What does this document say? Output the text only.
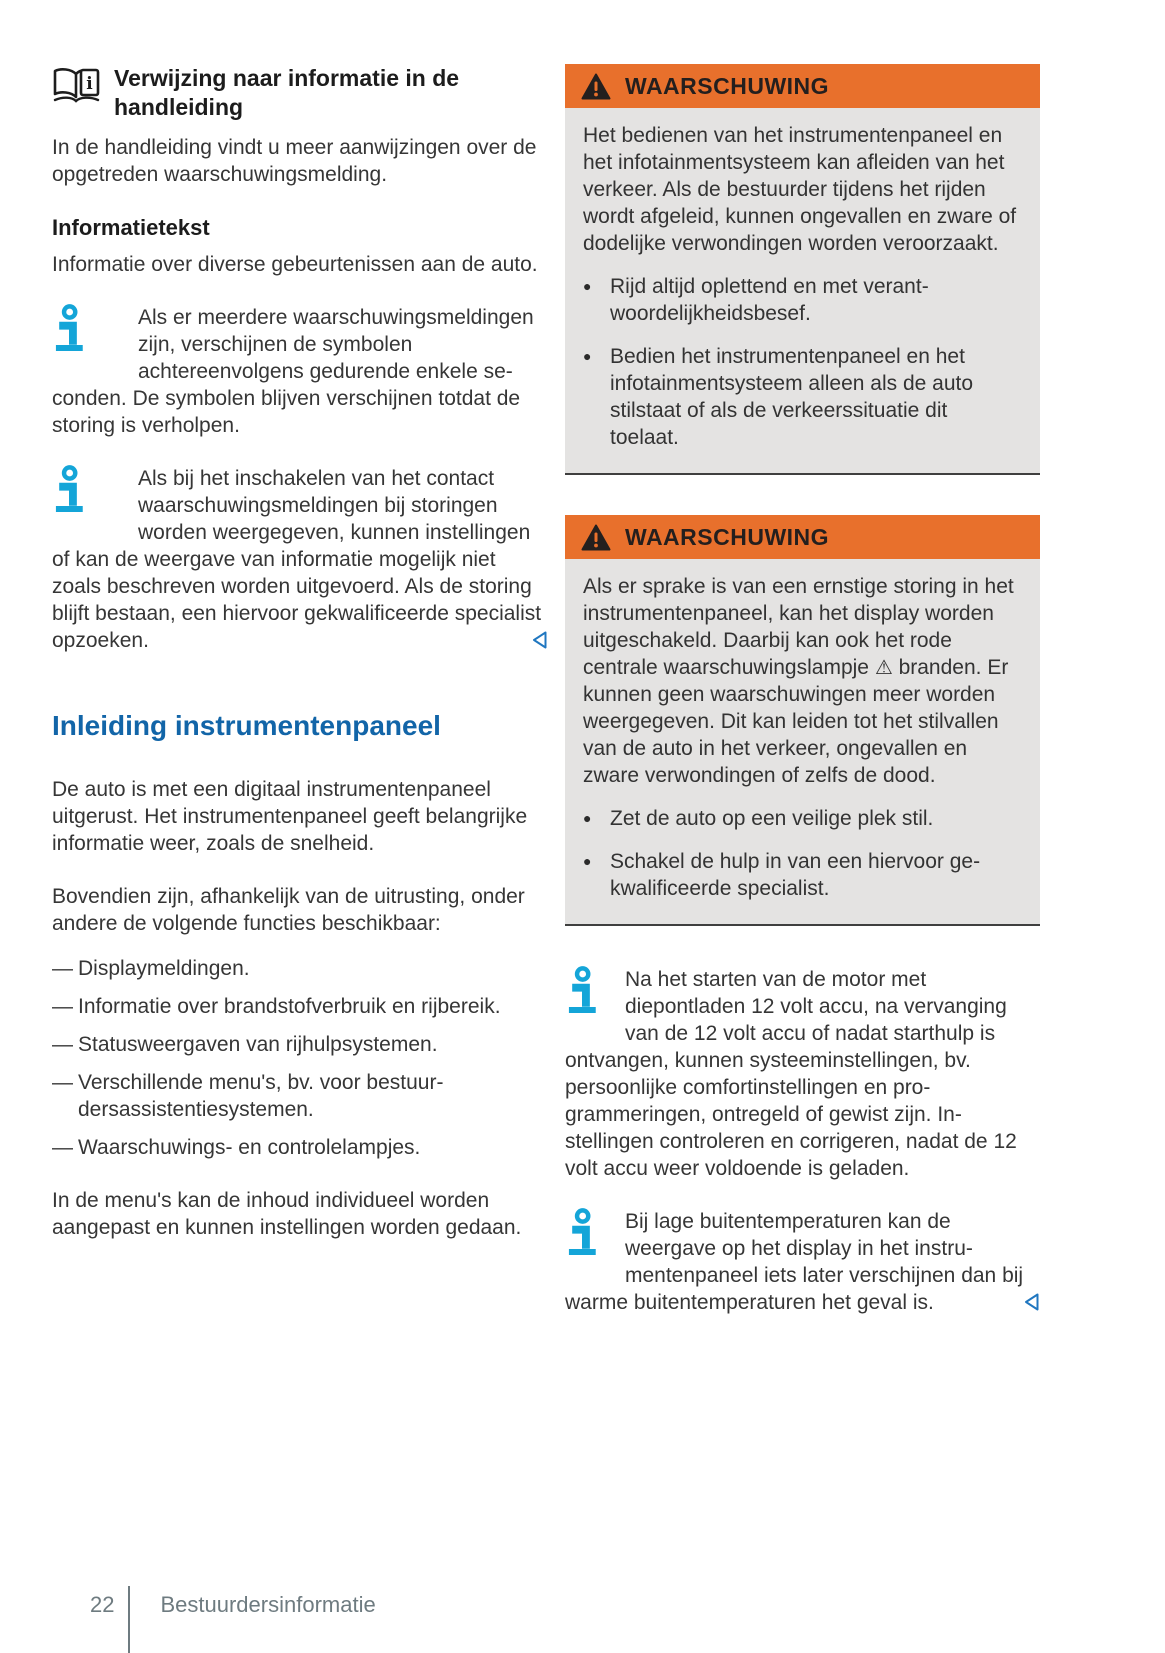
i Verwijzing naar informatie in de handleiding

In de handleiding vindt u meer aanwijzingen over de opgetreden waarschuwingsmelding.

Informatietekst

Informatie over diverse gebeurtenissen aan de auto.

Als er meerdere waarschuwingsmeldingen zijn, verschijnen de symbolen achtereenvolgens gedurende enkele seconden. De symbolen blijven verschijnen totdat de storing is verholpen.

Als bij het inschakelen van het contact waarschuwingsmeldingen bij storingen worden weergegeven, kunnen instellingen of kan de weergave van informatie mogelijk niet zoals beschreven worden uitgevoerd. Als de storing blijft bestaan, een hiervoor gekwalificeerde specialist opzoeken.

Inleiding instrumentenpaneel

De auto is met een digitaal instrumentenpaneel uitgerust. Het instrumentenpaneel geeft belangrijke informatie weer, zoals de snelheid.

Bovendien zijn, afhankelijk van de uitrusting, onder andere de volgende functies beschikbaar:

— Displaymeldingen.
— Informatie over brandstofverbruik en rijbereik.
— Statusweergaven van rijhulpsystemen.
— Verschillende menu's, bv. voor bestuurdersassistentiesystemen.
— Waarschuwings- en controlelampjes.

In de menu's kan de inhoud individueel worden aangepast en kunnen instellingen worden gedaan.

WAARSCHUWING

Het bedienen van het instrumentenpaneel en het infotainmentsysteem kan afleiden van het verkeer. Als de bestuurder tijdens het rijden wordt afgeleid, kunnen ongevallen en zware of dodelijke verwondingen worden veroorzaakt.

● Rijd altijd oplettend en met verantwoordelijkheidsbesef.
● Bedien het instrumentenpaneel en het infotainmentsysteem alleen als de auto stilstaat of als de verkeerssituatie dit toelaat.
WAARSCHUWING

Als er sprake is van een ernstige storing in het instrumentenpaneel, kan het display worden uitgeschakeld. Daarbij kan ook het rode centrale waarschuwingslampje ⚠ branden. Er kunnen geen waarschuwingen meer worden weergegeven. Dit kan leiden tot het stilvallen van de auto in het verkeer, ongevallen en zware verwondingen of zelfs de dood.

● Zet de auto op een veilige plek stil.
● Schakel de hulp in van een hiervoor gekwalificeerde specialist.

Na het starten van de motor met diepontladen 12 volt accu, na vervanging van de 12 volt accu of nadat starthulp is ontvangen, kunnen systeeminstellingen, bv. persoonlijke comfortinstellingen en programmeringen, ontregeld of gewist zijn. Instellingen controleren en corrigeren, nadat de 12 volt accu weer voldoende is geladen.

Bij lage buitentemperaturen kan de weergave op het display in het instrumentenpaneel iets later verschijnen dan bij warme buitentemperaturen het geval is.

22 Bestuurdersinformatie
